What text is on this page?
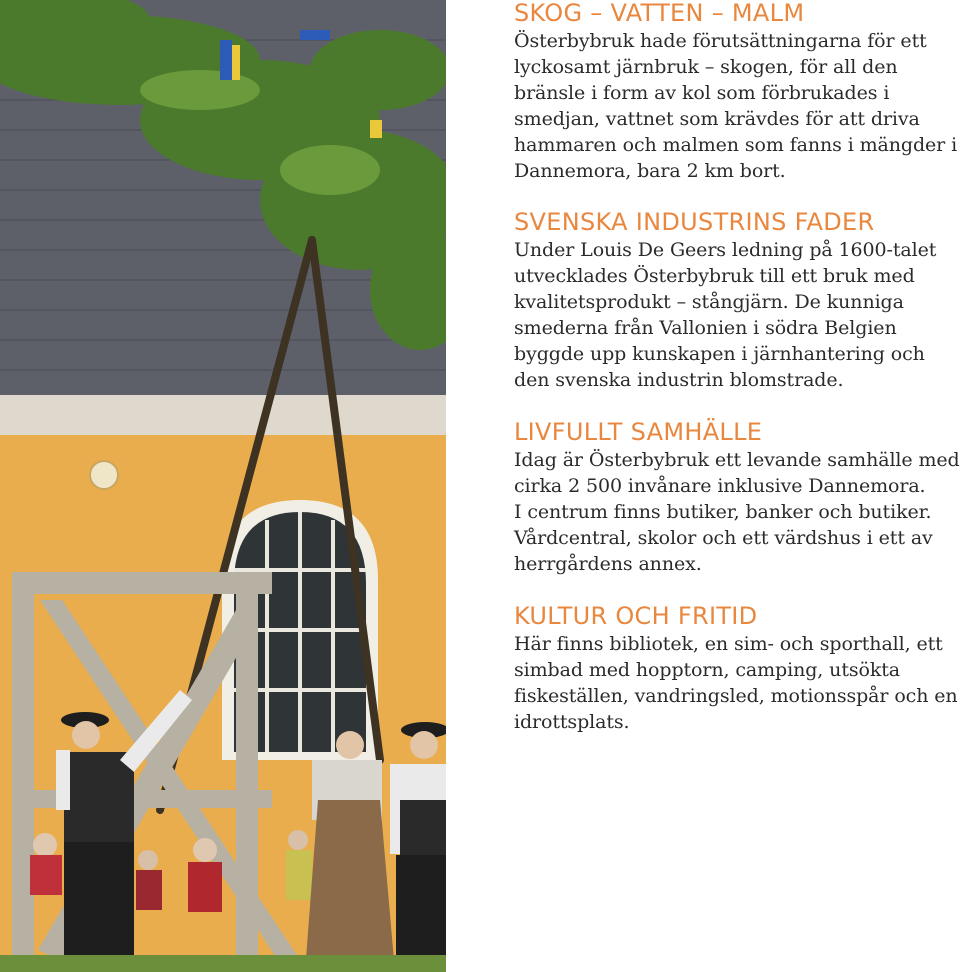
SKOG – VATTEN – MALM

Österbybruk hade förutsättningarna för ett
lyckosamt järnbruk – skogen, för all den
bränsle i form av kol som förbrukades i
smedjan, vattnet som krävdes för att driva
hammaren och malmen som fanns i mängder i
Dannemora, bara 2 km bort.

SVENSKA INDUSTRINS FADER

Under Louis De Geers ledning på 1600-talet
utvecklades Österbybruk till ett bruk med
kvalitetsprodukt – stångjärn. De kunniga
smederna från Vallonien i södra Belgien
byggde upp kunskapen i järnhantering och
den svenska industrin blomstrade.

LIVFULLT SAMHÄLLE

Idag är Österbybruk ett levande samhälle med
cirka 2 500 invånare inklusive Dannemora.
I centrum finns butiker, banker och butiker.
Vårdcentral, skolor och ett värdshus i ett av
herrgårdens annex.

KULTUR OCH FRITID

Här finns bibliotek, en sim- och sporthall, ett
simbad med hopptorn, camping, utsökta
fiskeställen, vandringsled, motionsspår och en
idrottsplats.
